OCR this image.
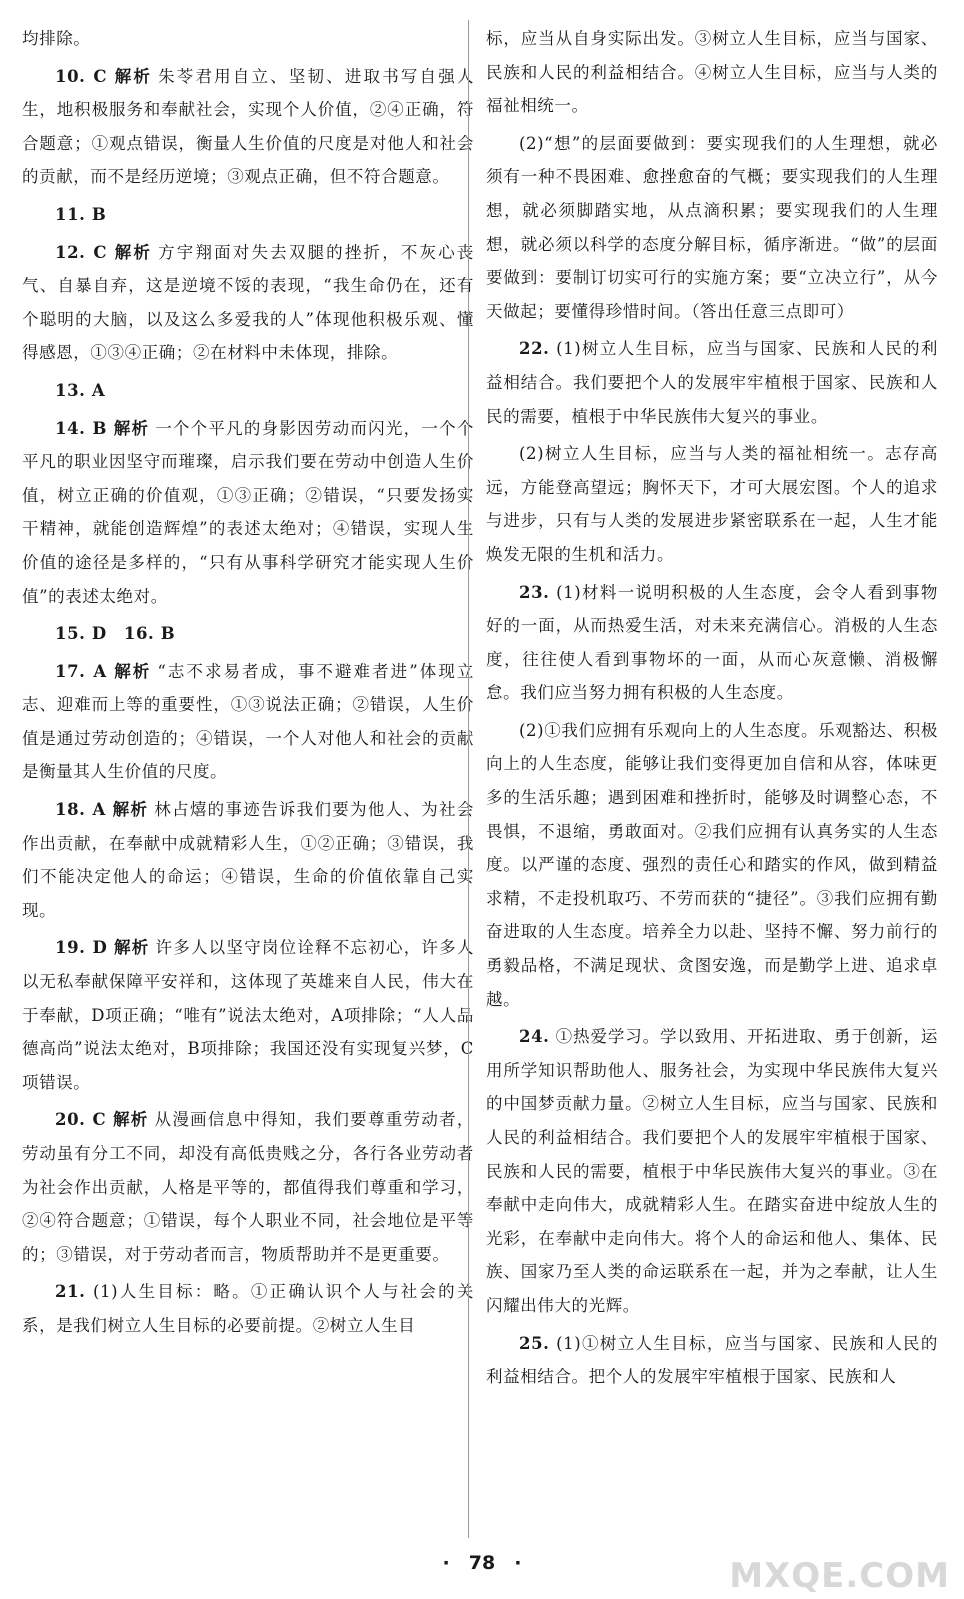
均排除。

10. C 解析 朱苓君用自立、坚韧、进取书写自强人生，地积极服务和奉献社会，实现个人价值，②④正确，符合题意；①观点错误，衡量人生价值的尺度是对他人和社会的贡献，而不是经历逆境；③观点正确，但不符合题意。

11. B

12. C 解析 方宇翔面对失去双腿的挫折，不灰心丧气、自暴自弃，这是逆境不馁的表现，“我生命仍在，还有个聪明的大脑，以及这么多爱我的人”体现他积极乐观、懂得感恩，①③④正确；②在材料中未体现，排除。

13. A

14. B 解析 一个个平凡的身影因劳动而闪光，一个个平凡的职业因坚守而璀璨，启示我们要在劳动中创造人生价值，树立正确的价值观，①③正确；②错误，“只要发扬实干精神，就能创造辉煌”的表述太绝对；④错误，实现人生价值的途径是多样的，“只有从事科学研究才能实现人生价值”的表述太绝对。

15. D　16. B

17. A 解析 “志不求易者成，事不避难者进”体现立志、迎难而上等的重要性，①③说法正确；②错误，人生价值是通过劳动创造的；④错误，一个人对他人和社会的贡献是衡量其人生价值的尺度。

18. A 解析 林占熺的事迹告诉我们要为他人、为社会作出贡献，在奉献中成就精彩人生，①②正确；③错误，我们不能决定他人的命运；④错误，生命的价值依靠自己实现。

19. D 解析 许多人以坚守岗位诠释不忘初心，许多人以无私奉献保障平安祥和，这体现了英雄来自人民，伟大在于奉献，D项正确；“唯有”说法太绝对，A项排除；“人人品德高尚”说法太绝对，B项排除；我国还没有实现复兴梦，C项错误。

20. C 解析 从漫画信息中得知，我们要尊重劳动者，劳动虽有分工不同，却没有高低贵贱之分，各行各业劳动者为社会作出贡献，人格是平等的，都值得我们尊重和学习，②④符合题意；①错误，每个人职业不同，社会地位是平等的；③错误，对于劳动者而言，物质帮助并不是更重要。

21. (1)人生目标：略。①正确认识个人与社会的关系，是我们树立人生目标的必要前提。②树立人生目

标，应当从自身实际出发。③树立人生目标，应当与国家、民族和人民的利益相结合。④树立人生目标，应当与人类的福祉相统一。

(2)“想”的层面要做到：要实现我们的人生理想，就必须有一种不畏困难、愈挫愈奋的气概；要实现我们的人生理想，就必须脚踏实地，从点滴积累；要实现我们的人生理想，就必须以科学的态度分解目标，循序渐进。“做”的层面要做到：要制订切实可行的实施方案；要“立决立行”，从今天做起；要懂得珍惜时间。（答出任意三点即可）

22. (1)树立人生目标，应当与国家、民族和人民的利益相结合。我们要把个人的发展牢牢植根于国家、民族和人民的需要，植根于中华民族伟大复兴的事业。

(2)树立人生目标，应当与人类的福祉相统一。志存高远，方能登高望远；胸怀天下，才可大展宏图。个人的追求与进步，只有与人类的发展进步紧密联系在一起，人生才能焕发无限的生机和活力。

23. (1)材料一说明积极的人生态度，会令人看到事物好的一面，从而热爱生活，对未来充满信心。消极的人生态度，往往使人看到事物坏的一面，从而心灰意懒、消极懈怠。我们应当努力拥有积极的人生态度。

(2)①我们应拥有乐观向上的人生态度。乐观豁达、积极向上的人生态度，能够让我们变得更加自信和从容，体味更多的生活乐趣；遇到困难和挫折时，能够及时调整心态，不畏惧，不退缩，勇敢面对。②我们应拥有认真务实的人生态度。以严谨的态度、强烈的责任心和踏实的作风，做到精益求精，不走投机取巧、不劳而获的“捷径”。③我们应拥有勤奋进取的人生态度。培养全力以赴、坚持不懈、努力前行的勇毅品格，不满足现状、贪图安逸，而是勤学上进、追求卓越。

24. ①热爱学习。学以致用、开拓进取、勇于创新，运用所学知识帮助他人、服务社会，为实现中华民族伟大复兴的中国梦贡献力量。②树立人生目标，应当与国家、民族和人民的利益相结合。我们要把个人的发展牢牢植根于国家、民族和人民的需要，植根于中华民族伟大复兴的事业。③在奉献中走向伟大，成就精彩人生。在踏实奋进中绽放人生的光彩，在奉献中走向伟大。将个人的命运和他人、集体、民族、国家乃至人类的命运联系在一起，并为之奉献，让人生闪耀出伟大的光辉。

25. (1)①树立人生目标，应当与国家、民族和人民的利益相结合。把个人的发展牢牢植根于国家、民族和人

·　78　·	MXQE.COM
